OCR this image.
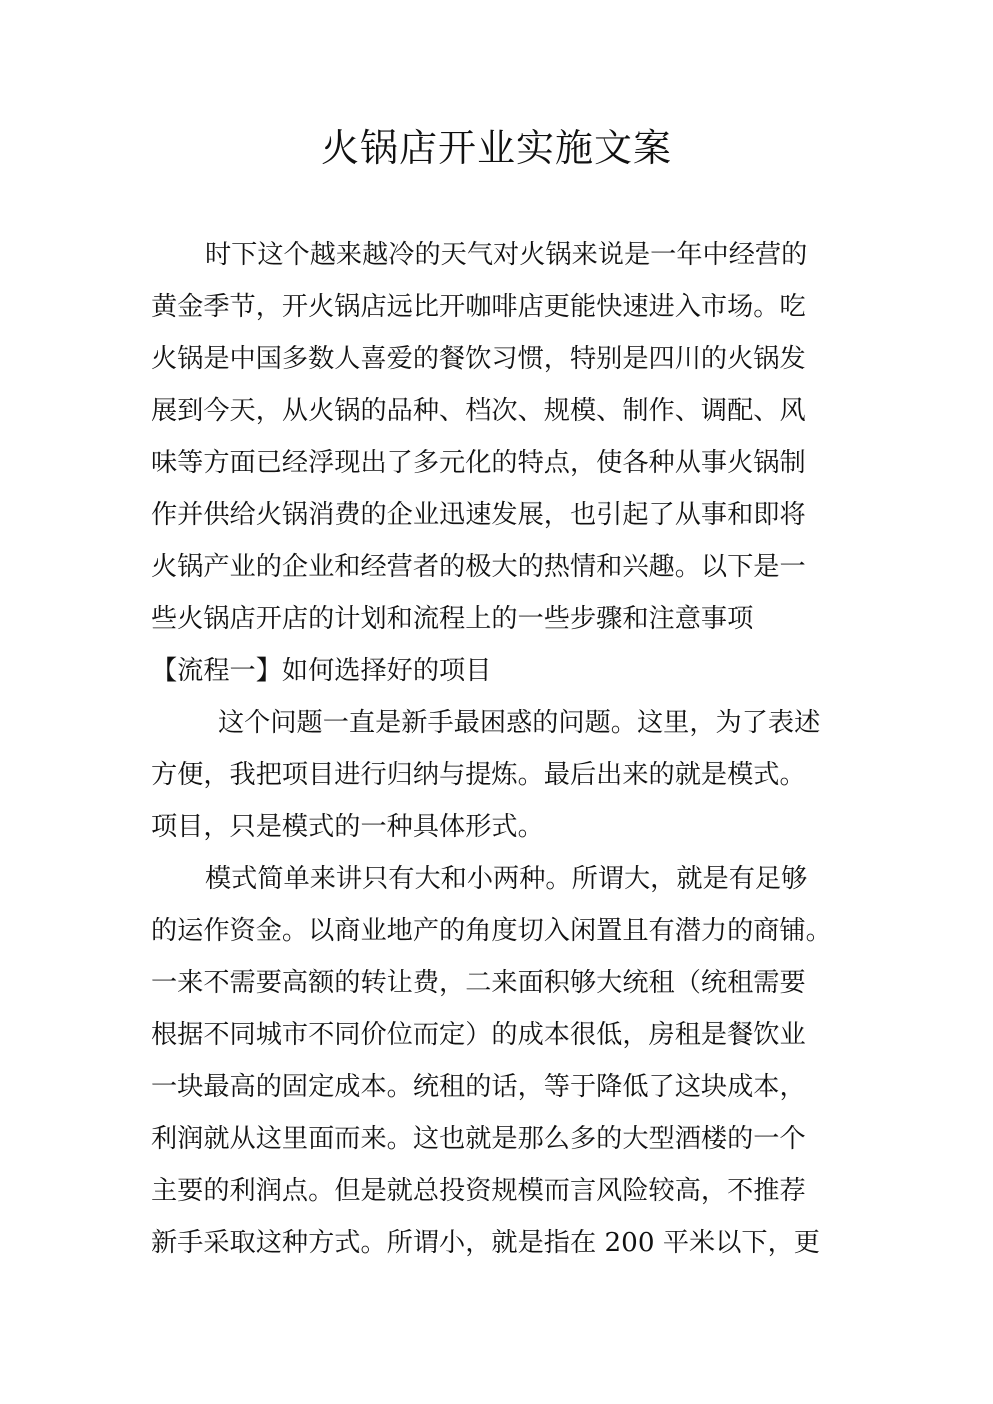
火锅店开业实施文案
时下这个越来越冷的天气对火锅来说是一年中经营的
黄金季节，开火锅店远比开咖啡店更能快速进入市场。吃
火锅是中国多数人喜爱的餐饮习惯，特别是四川的火锅发
展到今天，从火锅的品种、档次、规模、制作、调配、风
味等方面已经浮现出了多元化的特点，使各种从事火锅制
作并供给火锅消费的企业迅速发展，也引起了从事和即将
火锅产业的企业和经营者的极大的热情和兴趣。以下是一
些火锅店开店的计划和流程上的一些步骤和注意事项
【流程一】如何选择好的项目
这个问题一直是新手最困惑的问题。这里，为了表述
方便，我把项目进行归纳与提炼。最后出来的就是模式。
项目，只是模式的一种具体形式。
模式简单来讲只有大和小两种。所谓大，就是有足够
的运作资金。以商业地产的角度切入闲置且有潜力的商铺。
一来不需要高额的转让费，二来面积够大统租（统租需要
根据不同城市不同价位而定）的成本很低，房租是餐饮业
一块最高的固定成本。统租的话，等于降低了这块成本，
利润就从这里面而来。这也就是那么多的大型酒楼的一个
主要的利润点。但是就总投资规模而言风险较高，不推荐
新手采取这种方式。所谓小，就是指在 200 平米以下，更
